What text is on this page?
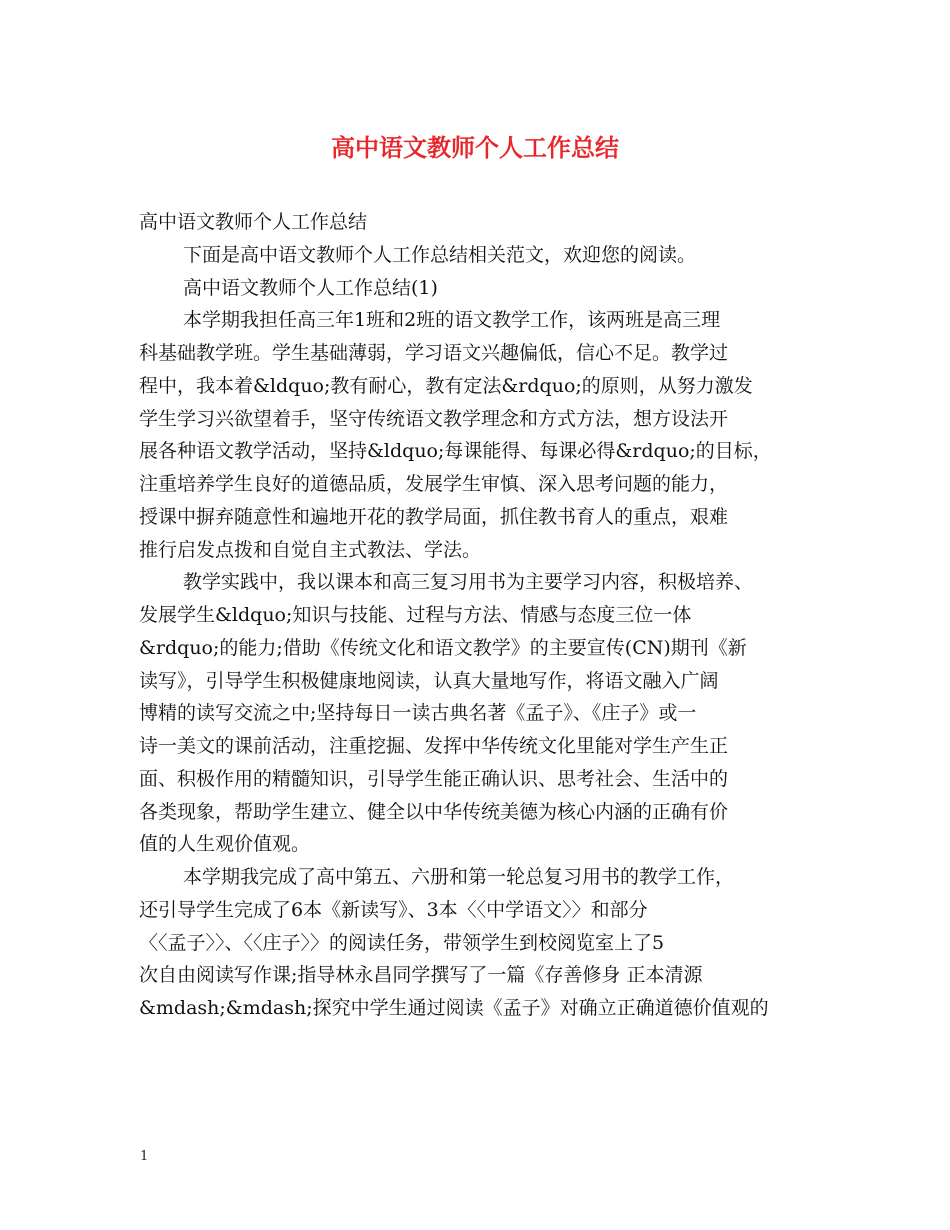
高中语文教师个人工作总结
高中语文教师个人工作总结
下面是高中语文教师个人工作总结相关范文，欢迎您的阅读。
高中语文教师个人工作总结(1)
本学期我担任高三年1班和2班的语文教学工作，该两班是高三理
科基础教学班。学生基础薄弱，学习语文兴趣偏低，信心不足。教学过
程中，我本着&ldquo;教有耐心，教有定法&rdquo;的原则，从努力激发
学生学习兴欲望着手，坚守传统语文教学理念和方式方法，想方设法开
展各种语文教学活动，坚持&ldquo;每课能得、每课必得&rdquo;的目标，
注重培养学生良好的道德品质，发展学生审慎、深入思考问题的能力，
授课中摒弃随意性和遍地开花的教学局面，抓住教书育人的重点，艰难
推行启发点拨和自觉自主式教法、学法。
教学实践中，我以课本和高三复习用书为主要学习内容，积极培养、
发展学生&ldquo;知识与技能、过程与方法、情感与态度三位一体
&rdquo;的能力;借助《传统文化和语文教学》的主要宣传(CN)期刊《新
读写》，引导学生积极健康地阅读，认真大量地写作，将语文融入广阔
博精的读写交流之中;坚持每日一读古典名著《孟子》、《庄子》或一
诗一美文的课前活动，注重挖掘、发挥中华传统文化里能对学生产生正
面、积极作用的精髓知识，引导学生能正确认识、思考社会、生活中的
各类现象，帮助学生建立、健全以中华传统美德为核心内涵的正确有价
值的人生观价值观。
本学期我完成了高中第五、六册和第一轮总复习用书的教学工作，
还引导学生完成了6本《新读写》、3本〈〈中学语文〉〉和部分
〈〈孟子〉〉、〈〈庄子〉〉的阅读任务，带领学生到校阅览室上了5
次自由阅读写作课;指导林永昌同学撰写了一篇《存善修身 正本清源
&mdash;&mdash;探究中学生通过阅读《孟子》对确立正确道德价值观的
1
